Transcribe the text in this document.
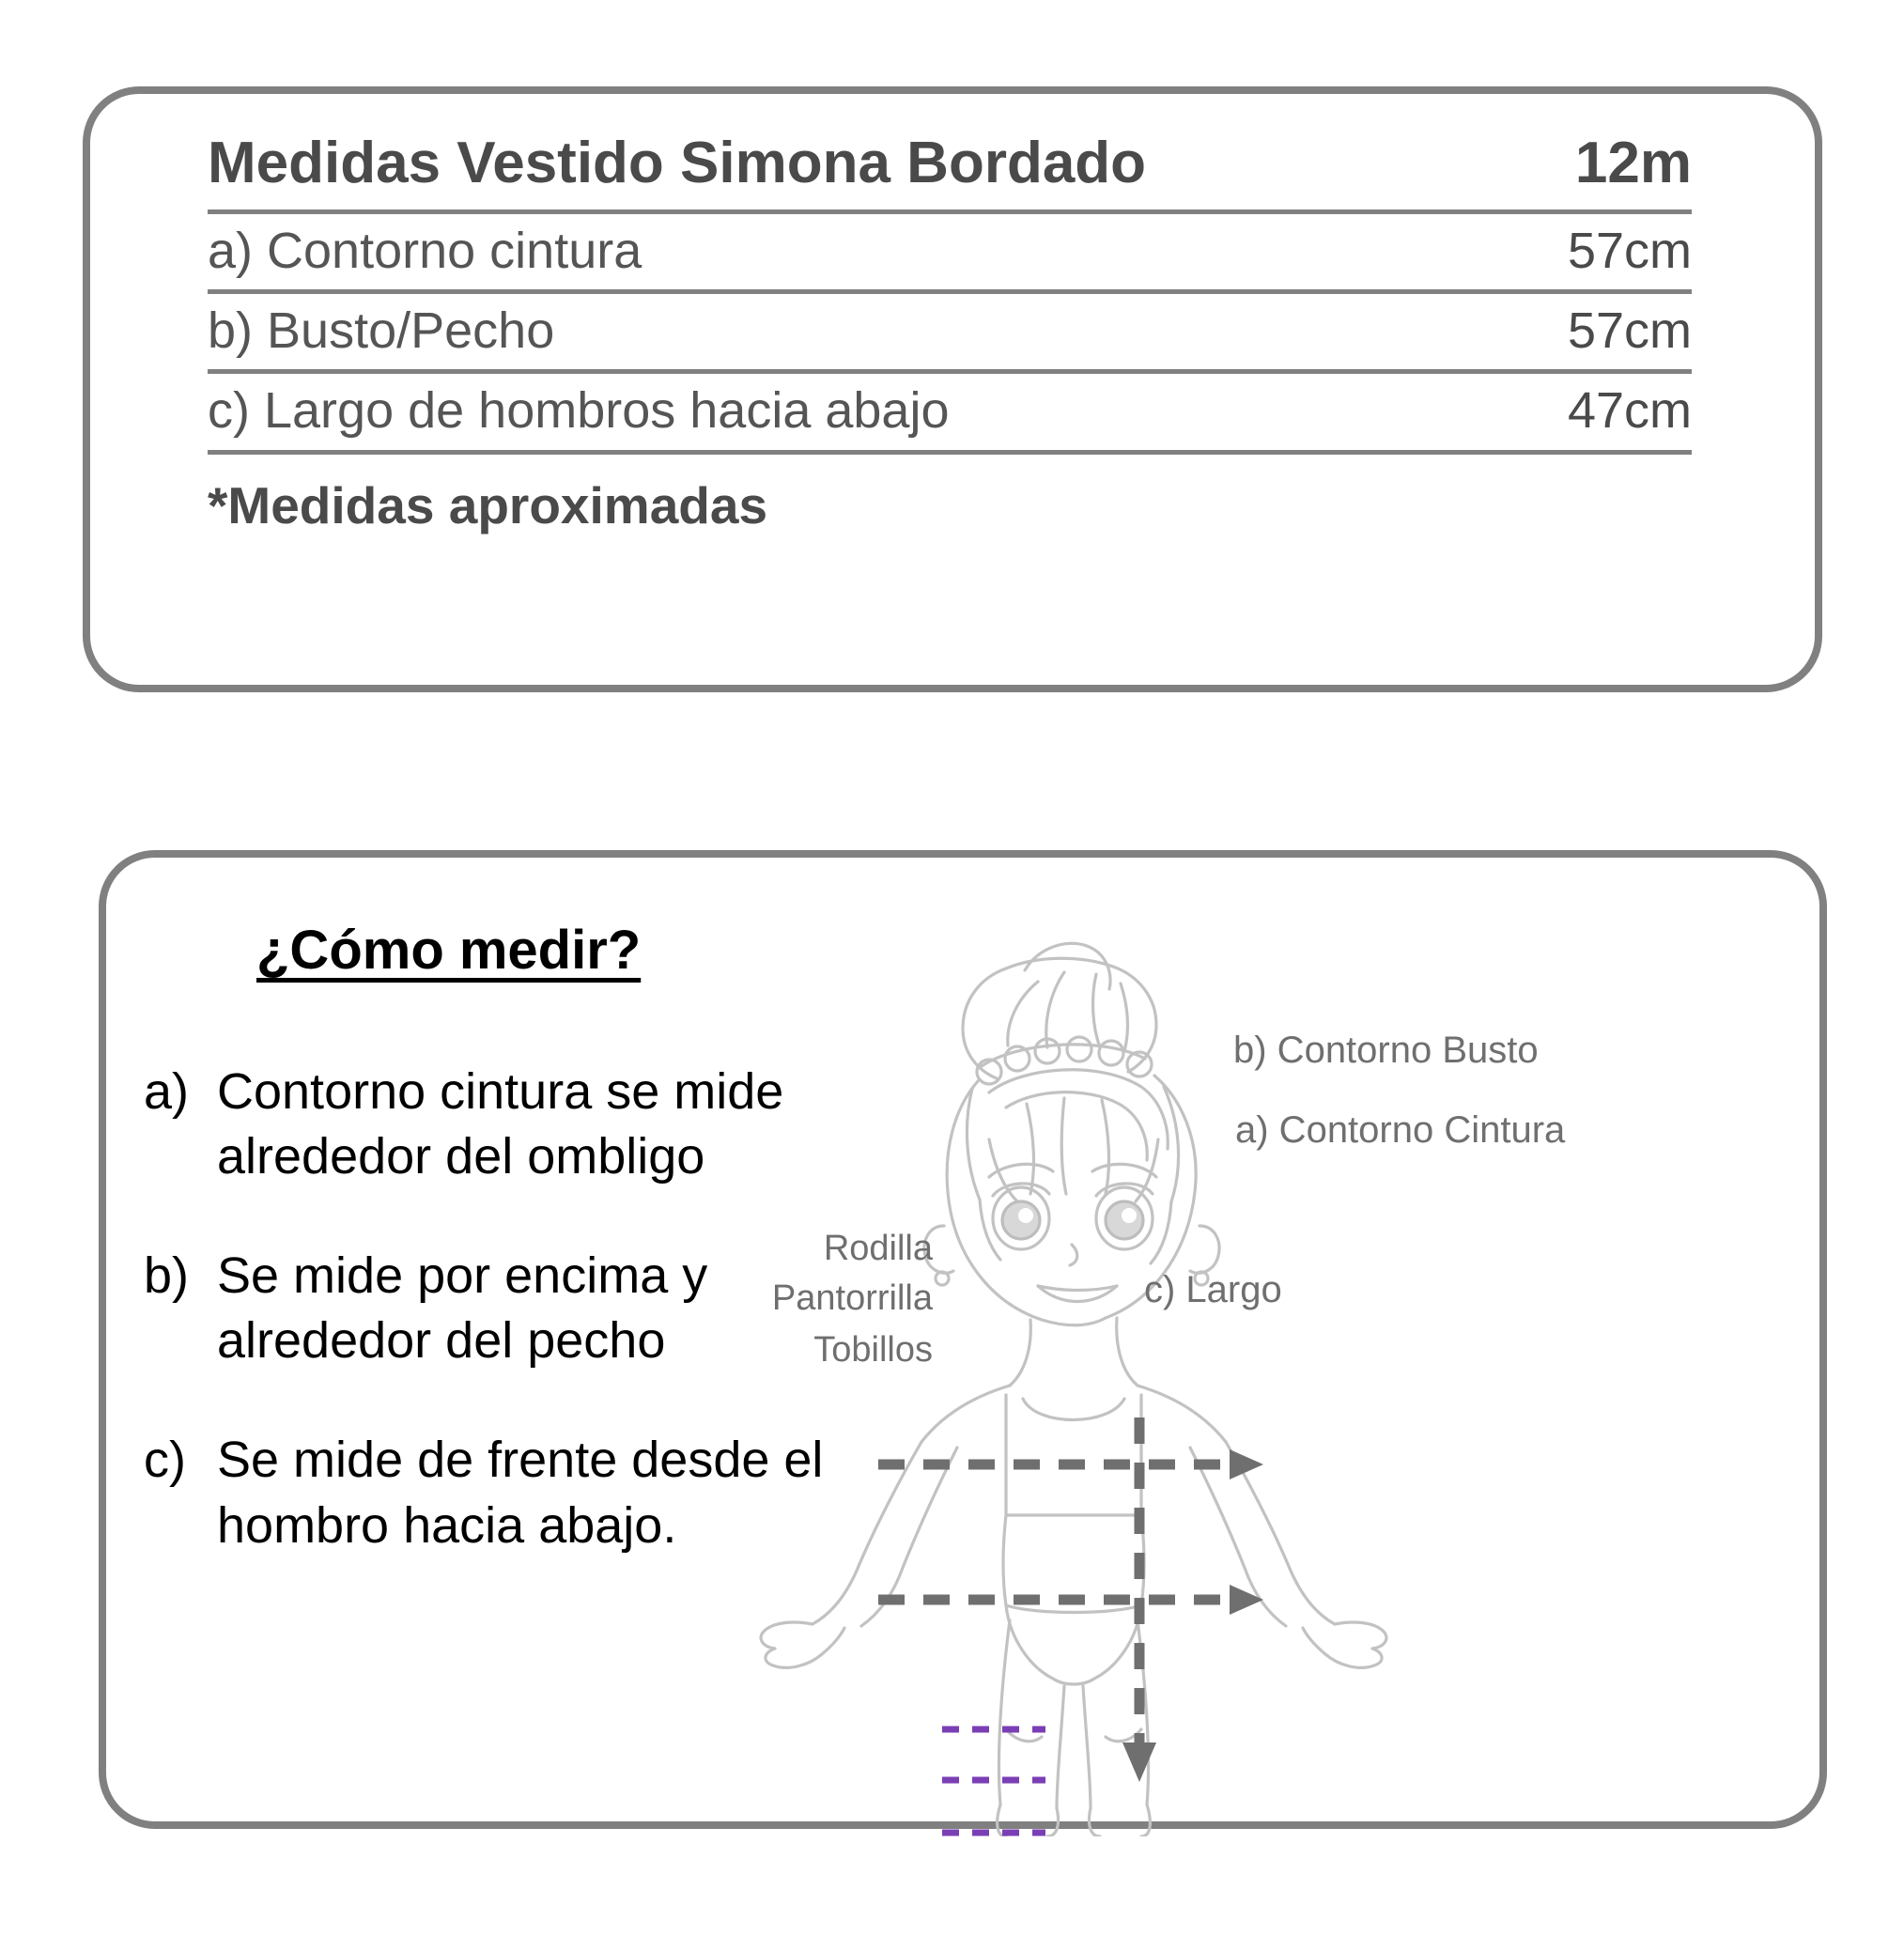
Medidas Vestido Simona Bordado	12m
a) Contorno cintura	57cm
b) Busto/Pecho	57cm
c) Largo de hombros hacia abajo	47cm
*Medidas aproximadas
¿Cómo medir?
a) Contorno cintura se mide alrededor del ombligo
b) Se mide por encima y alrededor del pecho
c) Se mide de frente desde el hombro hacia abajo.
b) Contorno Busto
a) Contorno Cintura
c) Largo
Rodilla
Pantorrilla
Tobillos
